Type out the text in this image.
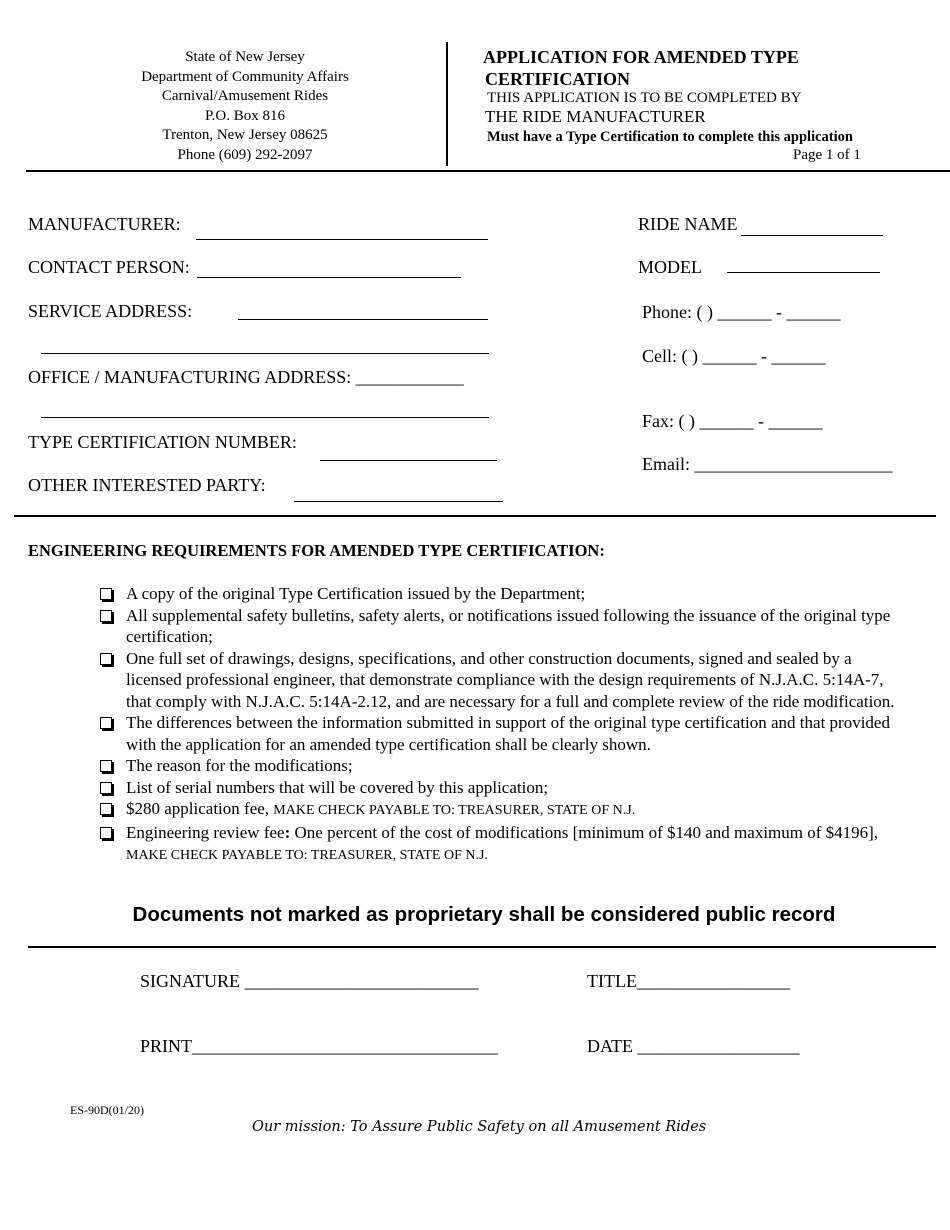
State of New Jersey
Department of Community Affairs
Carnival/Amusement Rides
P.O. Box 816
Trenton, New Jersey 08625
Phone (609) 292-2097
APPLICATION FOR AMENDED TYPE
CERTIFICATION
THIS APPLICATION IS TO BE COMPLETED BY
THE RIDE MANUFACTURER
Must have a Type Certification to complete this application
Page 1 of 1
MANUFACTURER:
CONTACT PERSON:
SERVICE ADDRESS:
OFFICE / MANUFACTURING ADDRESS: ____________
TYPE CERTIFICATION NUMBER:
OTHER INTERESTED PARTY:
RIDE NAME
MODEL
Phone: ( ) ______ - ______
Cell: ( ) ______ - ______
Fax: ( ) ______ - ______
Email: ______________________
ENGINEERING REQUIREMENTS FOR AMENDED TYPE CERTIFICATION:
A copy of the original Type Certification issued by the Department;
All supplemental safety bulletins, safety alerts, or notifications issued following the issuance of the original type certification;
One full set of drawings, designs, specifications, and other construction documents, signed and sealed by a licensed professional engineer, that demonstrate compliance with the design requirements of N.J.A.C. 5:14A-7, that comply with N.J.A.C. 5:14A-2.12, and are necessary for a full and complete review of the ride modification.
The differences between the information submitted in support of the original type certification and that provided with the application for an amended type certification shall be clearly shown.
The reason for the modifications;
List of serial numbers that will be covered by this application;
$280 application fee, MAKE CHECK PAYABLE TO: TREASURER, STATE OF N.J.
Engineering review fee: One percent of the cost of modifications [minimum of $140 and maximum of $4196], MAKE CHECK PAYABLE TO: TREASURER, STATE OF N.J.
Documents not marked as proprietary shall be considered public record
SIGNATURE __________________________	TITLE_________________
PRINT__________________________________	DATE __________________
ES-90D(01/20)
Our mission: To Assure Public Safety on all Amusement Rides
